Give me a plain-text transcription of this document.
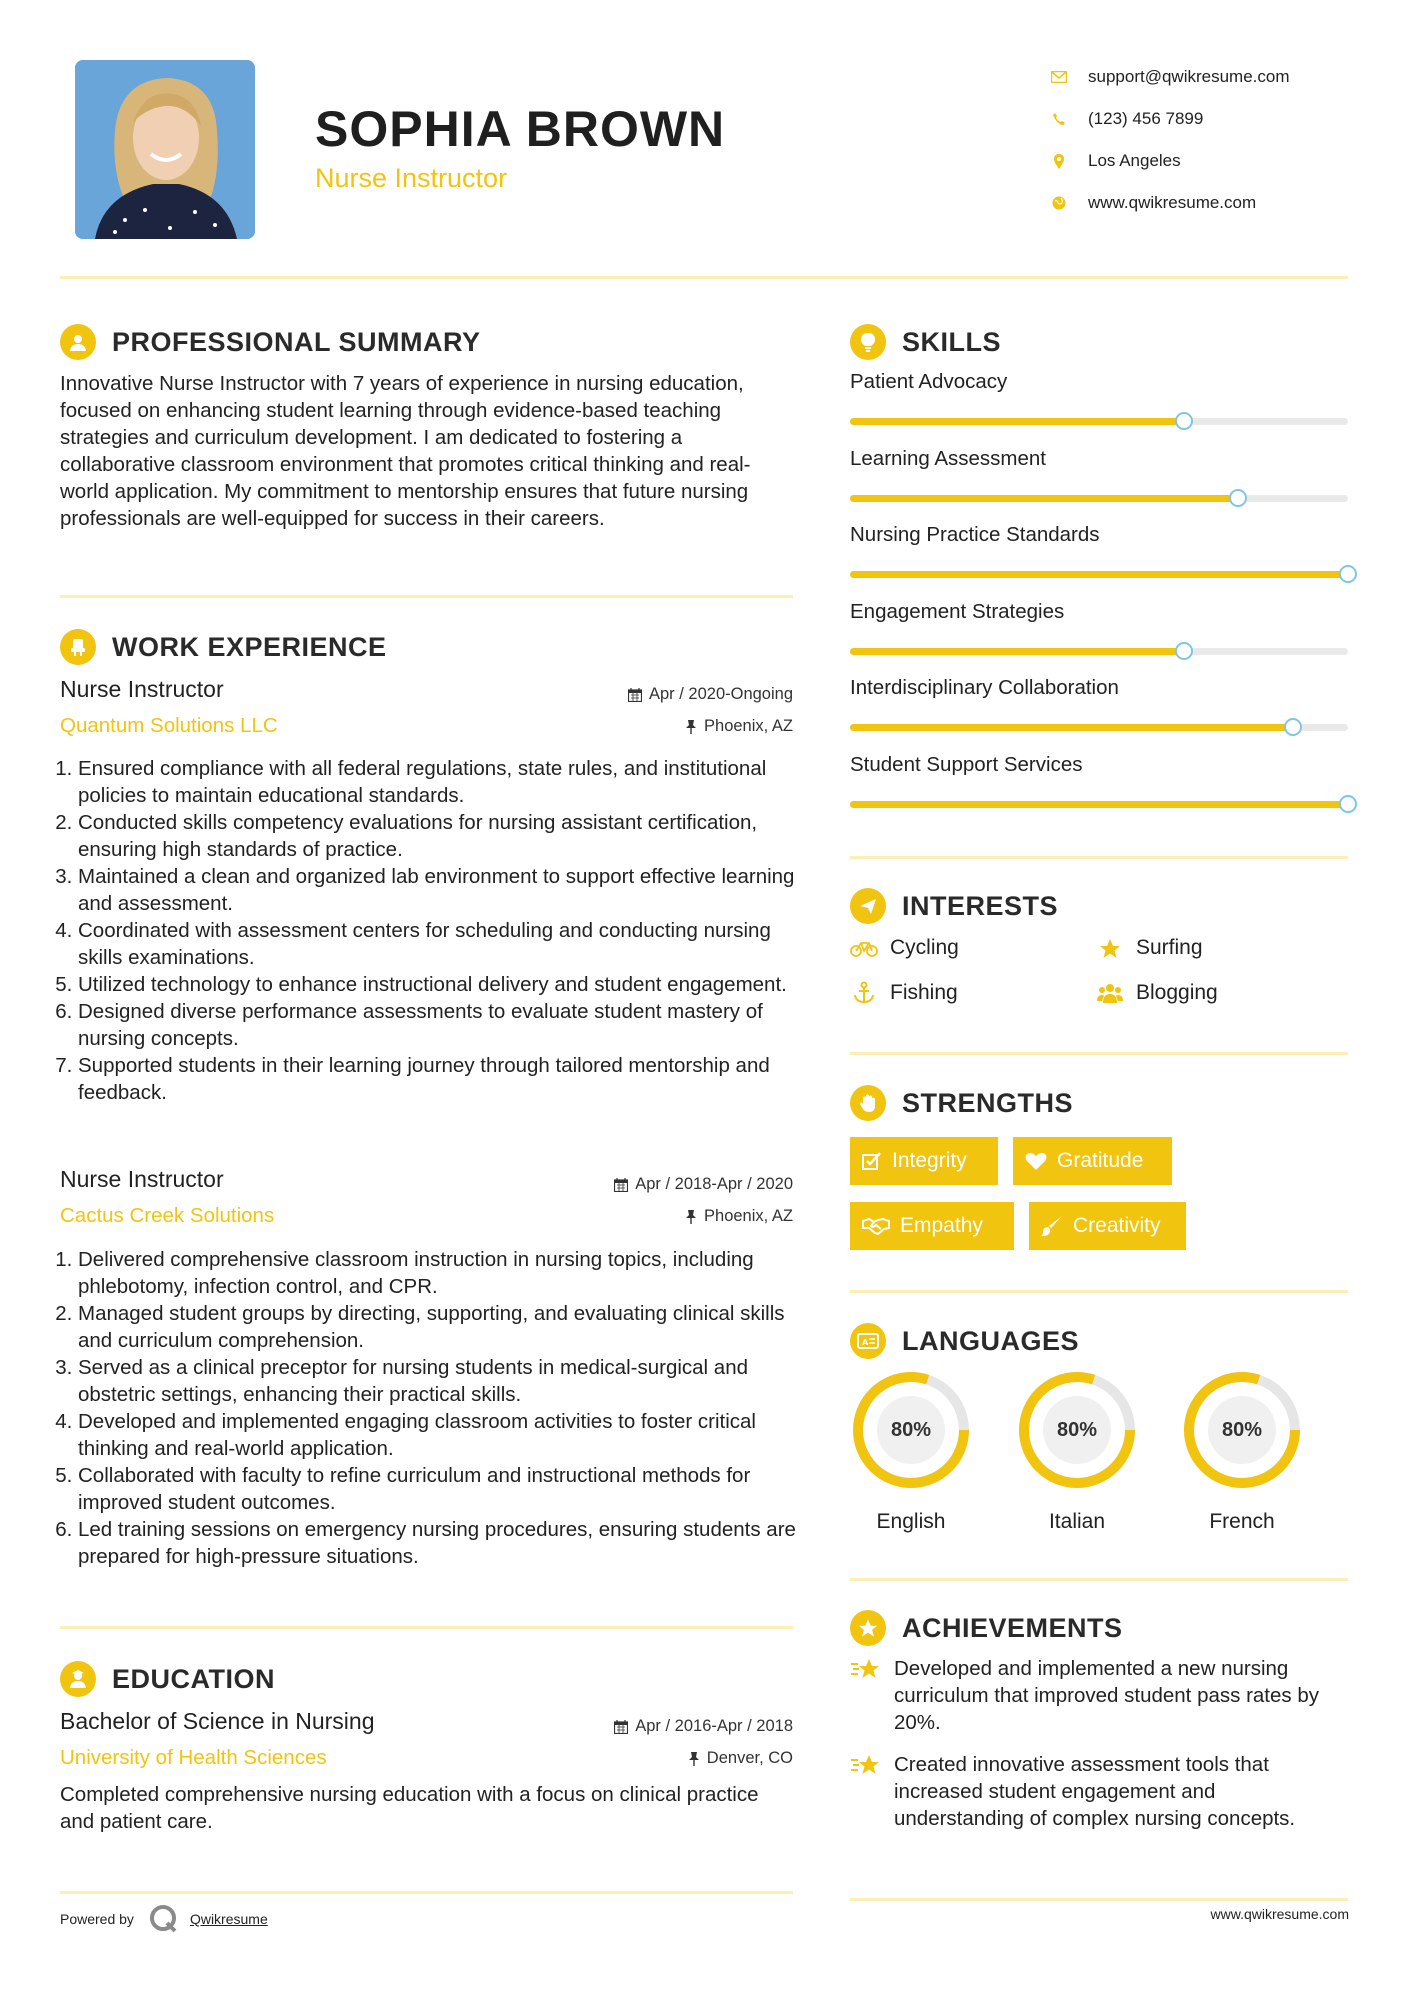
SOPHIA BROWN
Nurse Instructor
support@qwikresume.com
(123) 456 7899
Los Angeles
www.qwikresume.com
PROFESSIONAL SUMMARY
Innovative Nurse Instructor with 7 years of experience in nursing education, focused on enhancing student learning through evidence-based teaching strategies and curriculum development. I am dedicated to fostering a collaborative classroom environment that promotes critical thinking and real-world application. My commitment to mentorship ensures that future nursing professionals are well-equipped for success in their careers.
WORK EXPERIENCE
Nurse Instructor
Quantum Solutions LLC
Apr / 2020-Ongoing
Phoenix, AZ
1. Ensured compliance with all federal regulations, state rules, and institutional policies to maintain educational standards.
2. Conducted skills competency evaluations for nursing assistant certification, ensuring high standards of practice.
3. Maintained a clean and organized lab environment to support effective learning and assessment.
4. Coordinated with assessment centers for scheduling and conducting nursing skills examinations.
5. Utilized technology to enhance instructional delivery and student engagement.
6. Designed diverse performance assessments to evaluate student mastery of nursing concepts.
7. Supported students in their learning journey through tailored mentorship and feedback.
Nurse Instructor
Cactus Creek Solutions
Apr / 2018-Apr / 2020
Phoenix, AZ
1. Delivered comprehensive classroom instruction in nursing topics, including phlebotomy, infection control, and CPR.
2. Managed student groups by directing, supporting, and evaluating clinical skills and curriculum comprehension.
3. Served as a clinical preceptor for nursing students in medical-surgical and obstetric settings, enhancing their practical skills.
4. Developed and implemented engaging classroom activities to foster critical thinking and real-world application.
5. Collaborated with faculty to refine curriculum and instructional methods for improved student outcomes.
6. Led training sessions on emergency nursing procedures, ensuring students are prepared for high-pressure situations.
EDUCATION
Bachelor of Science in Nursing
University of Health Sciences
Apr / 2016-Apr / 2018
Denver, CO
Completed comprehensive nursing education with a focus on clinical practice and patient care.
Powered by	Qwikresume
SKILLS
Patient Advocacy
Learning Assessment
Nursing Practice Standards
Engagement Strategies
Interdisciplinary Collaboration
Student Support Services
INTERESTS
Cycling	Surfing
Fishing	Blogging
STRENGTHS
Integrity	Gratitude
Empathy	Creativity
A LANGUAGES
80%
English
80%
Italian
80%
French
ACHIEVEMENTS
Developed and implemented a new nursing curriculum that improved student pass rates by 20%.
Created innovative assessment tools that increased student engagement and understanding of complex nursing concepts.
www.qwikresume.com
